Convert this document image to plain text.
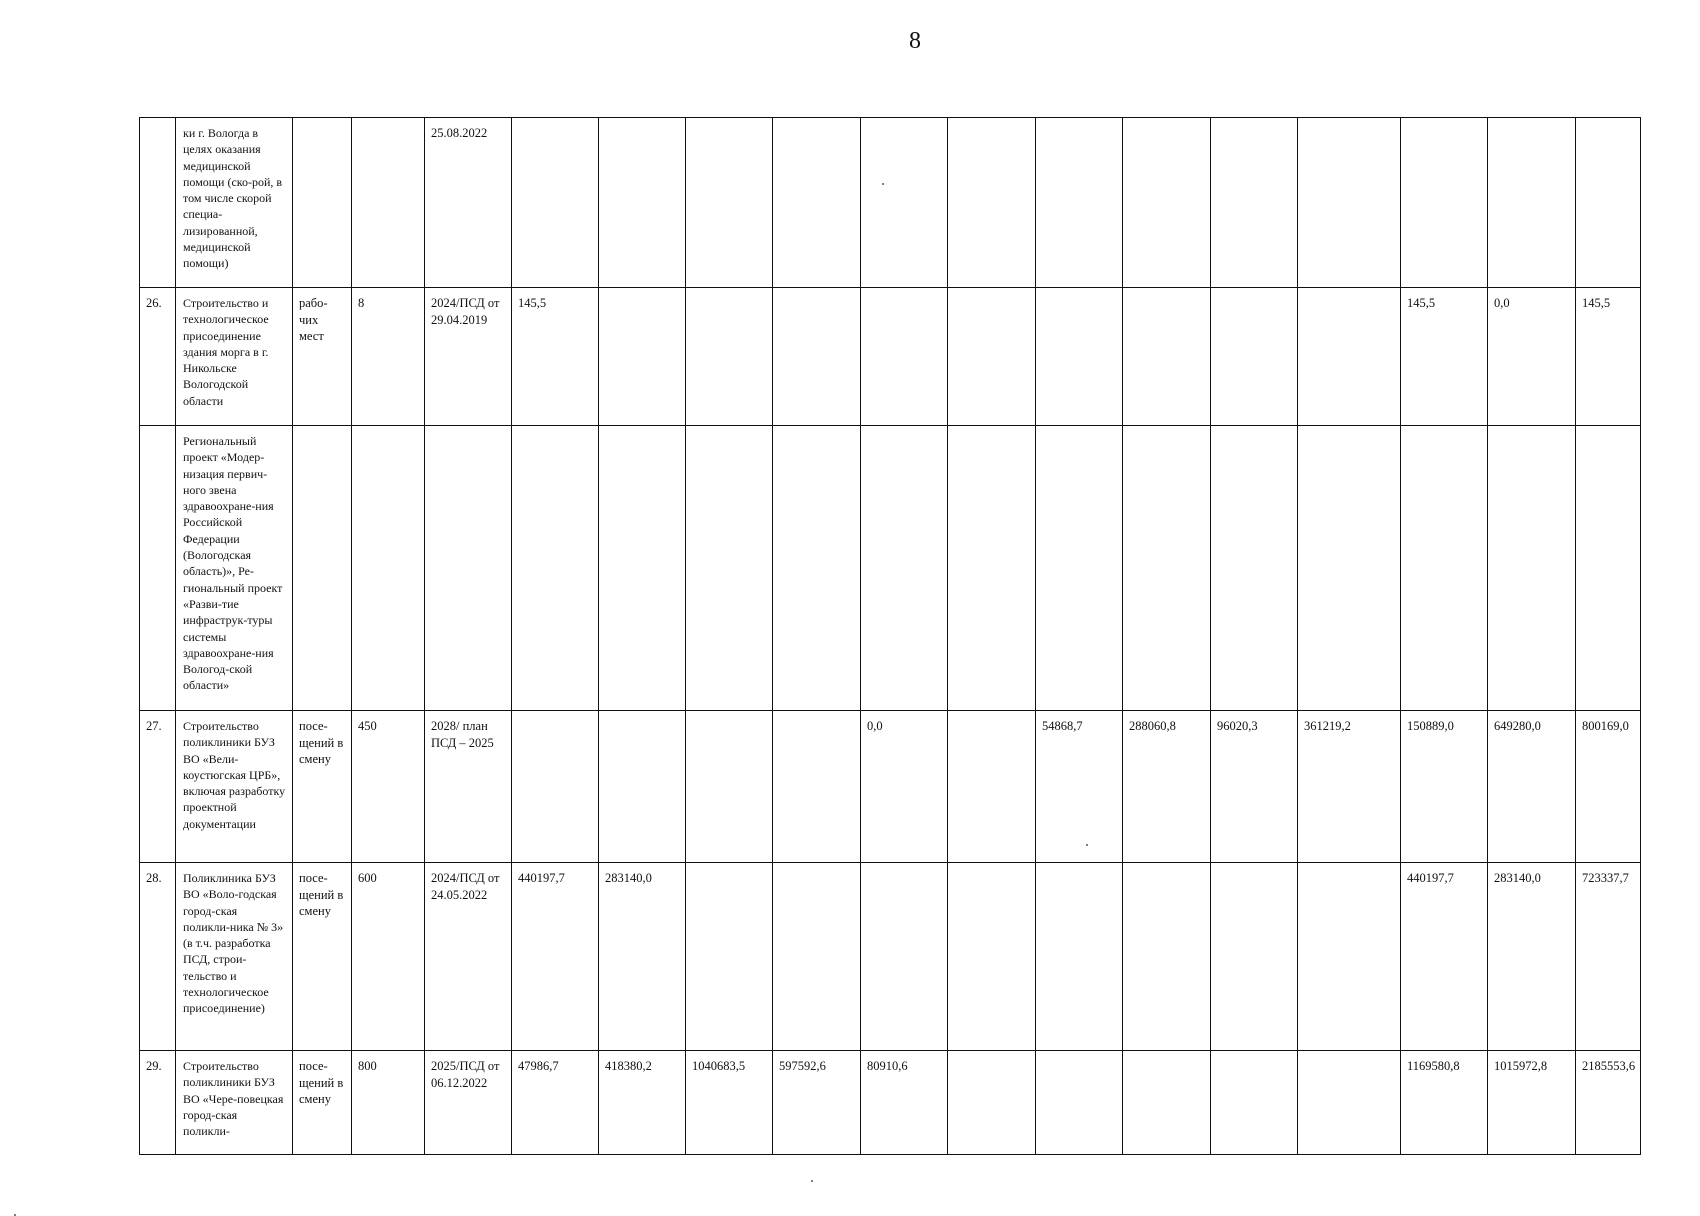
8
	ки г. Вологда в целях оказания медицинской помощи (ско-рой, в том числе скорой специа-лизированной, медицинской помощи)			25.08.2022													
26.	Строительство и технологическое присоединение здания морга в г. Никольске Вологодской области	рабо-чих мест	8	2024/ПСД от 29.04.2019	145,5										145,5	0,0	145,5
	Региональный проект «Модер-низация первич-ного звена здравоохране-ния Российской Федерации (Вологодская область)», Ре-гиональный проект «Разви-тие инфраструк-туры системы здравоохране-ния Вологод-ской области»																
27.	Строительство поликлиники БУЗ ВО «Вели-коустюгская ЦРБ», включая разработку проектной документации	посе-щений в смену	450	2028/ план ПСД – 2025					0,0		54868,7	288060,8	96020,3	361219,2	150889,0	649280,0	800169,0
28.	Поликлиника БУЗ ВО «Воло-годская город-ская поликли-ника № 3» (в т.ч. разработка ПСД, строи-тельство и технологическое присоединение)	посе-щений в смену	600	2024/ПСД от 24.05.2022	440197,7	283140,0									440197,7	283140,0	723337,7
29.	Строительство поликлиники БУЗ ВО «Чере-повецкая город-ская поликли-	посе-щений в смену	800	2025/ПСД от 06.12.2022	47986,7	418380,2	1040683,5	597592,6	80910,6						1169580,8	1015972,8	2185553,6
